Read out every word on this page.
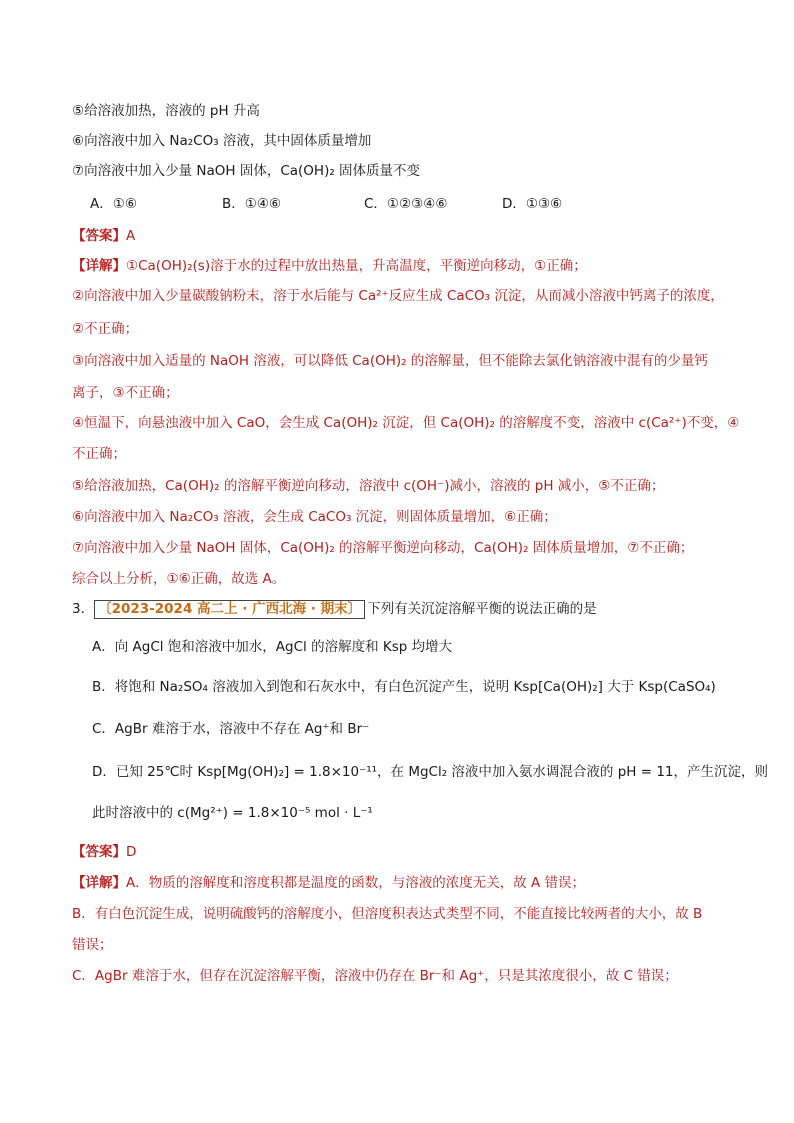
⑤给溶液加热，溶液的 pH 升高
⑥向溶液中加入 Na₂CO₃ 溶液，其中固体质量增加
⑦向溶液中加入少量 NaOH 固体，Ca(OH)₂ 固体质量不变
A．①⑥	B．①④⑥	C．①②③④⑥	D．①③⑥
【答案】A
【详解】①Ca(OH)₂(s)溶于水的过程中放出热量，升高温度，平衡逆向移动，①正确；
②向溶液中加入少量碳酸钠粉末，溶于水后能与 Ca²⁺反应生成 CaCO₃ 沉淀，从而减小溶液中钙离子的浓度，
②不正确；
③向溶液中加入适量的 NaOH 溶液，可以降低 Ca(OH)₂ 的溶解量，但不能除去氯化钠溶液中混有的少量钙
离子，③不正确；
④恒温下，向悬浊液中加入 CaO，会生成 Ca(OH)₂ 沉淀，但 Ca(OH)₂ 的溶解度不变，溶液中 c(Ca²⁺)不变，④
不正确；
⑤给溶液加热，Ca(OH)₂ 的溶解平衡逆向移动，溶液中 c(OH⁻)减小，溶液的 pH 减小，⑤不正确；
⑥向溶液中加入 Na₂CO₃ 溶液，会生成 CaCO₃ 沉淀，则固体质量增加，⑥正确；
⑦向溶液中加入少量 NaOH 固体，Ca(OH)₂ 的溶解平衡逆向移动，Ca(OH)₂ 固体质量增加，⑦不正确；
综合以上分析，①⑥正确，故选 A。
3． 〔2023-2024 高二上 · 广西北海 · 期末〕 下列有关沉淀溶解平衡的说法正确的是
A．向 AgCl 饱和溶液中加水，AgCl 的溶解度和 Ksp 均增大
B．将饱和 Na₂SO₄ 溶液加入到饱和石灰水中，有白色沉淀产生，说明 Ksp[Ca(OH)₂] 大于 Ksp(CaSO₄)
C．AgBr 难溶于水，溶液中不存在 Ag⁺和 Br⁻
D．已知 25℃时 Ksp[Mg(OH)₂] = 1.8×10⁻¹¹，在 MgCl₂ 溶液中加入氨水调混合液的 pH = 11，产生沉淀，则
此时溶液中的 c(Mg²⁺) = 1.8×10⁻⁵ mol · L⁻¹
【答案】D
【详解】A．物质的溶解度和溶度积都是温度的函数，与溶液的浓度无关，故 A 错误；
B．有白色沉淀生成，说明硫酸钙的溶解度小，但溶度积表达式类型不同，不能直接比较两者的大小，故 B
错误；
C．AgBr 难溶于水，但存在沉淀溶解平衡，溶液中仍存在 Br⁻和 Ag⁺，只是其浓度很小，故 C 错误；
